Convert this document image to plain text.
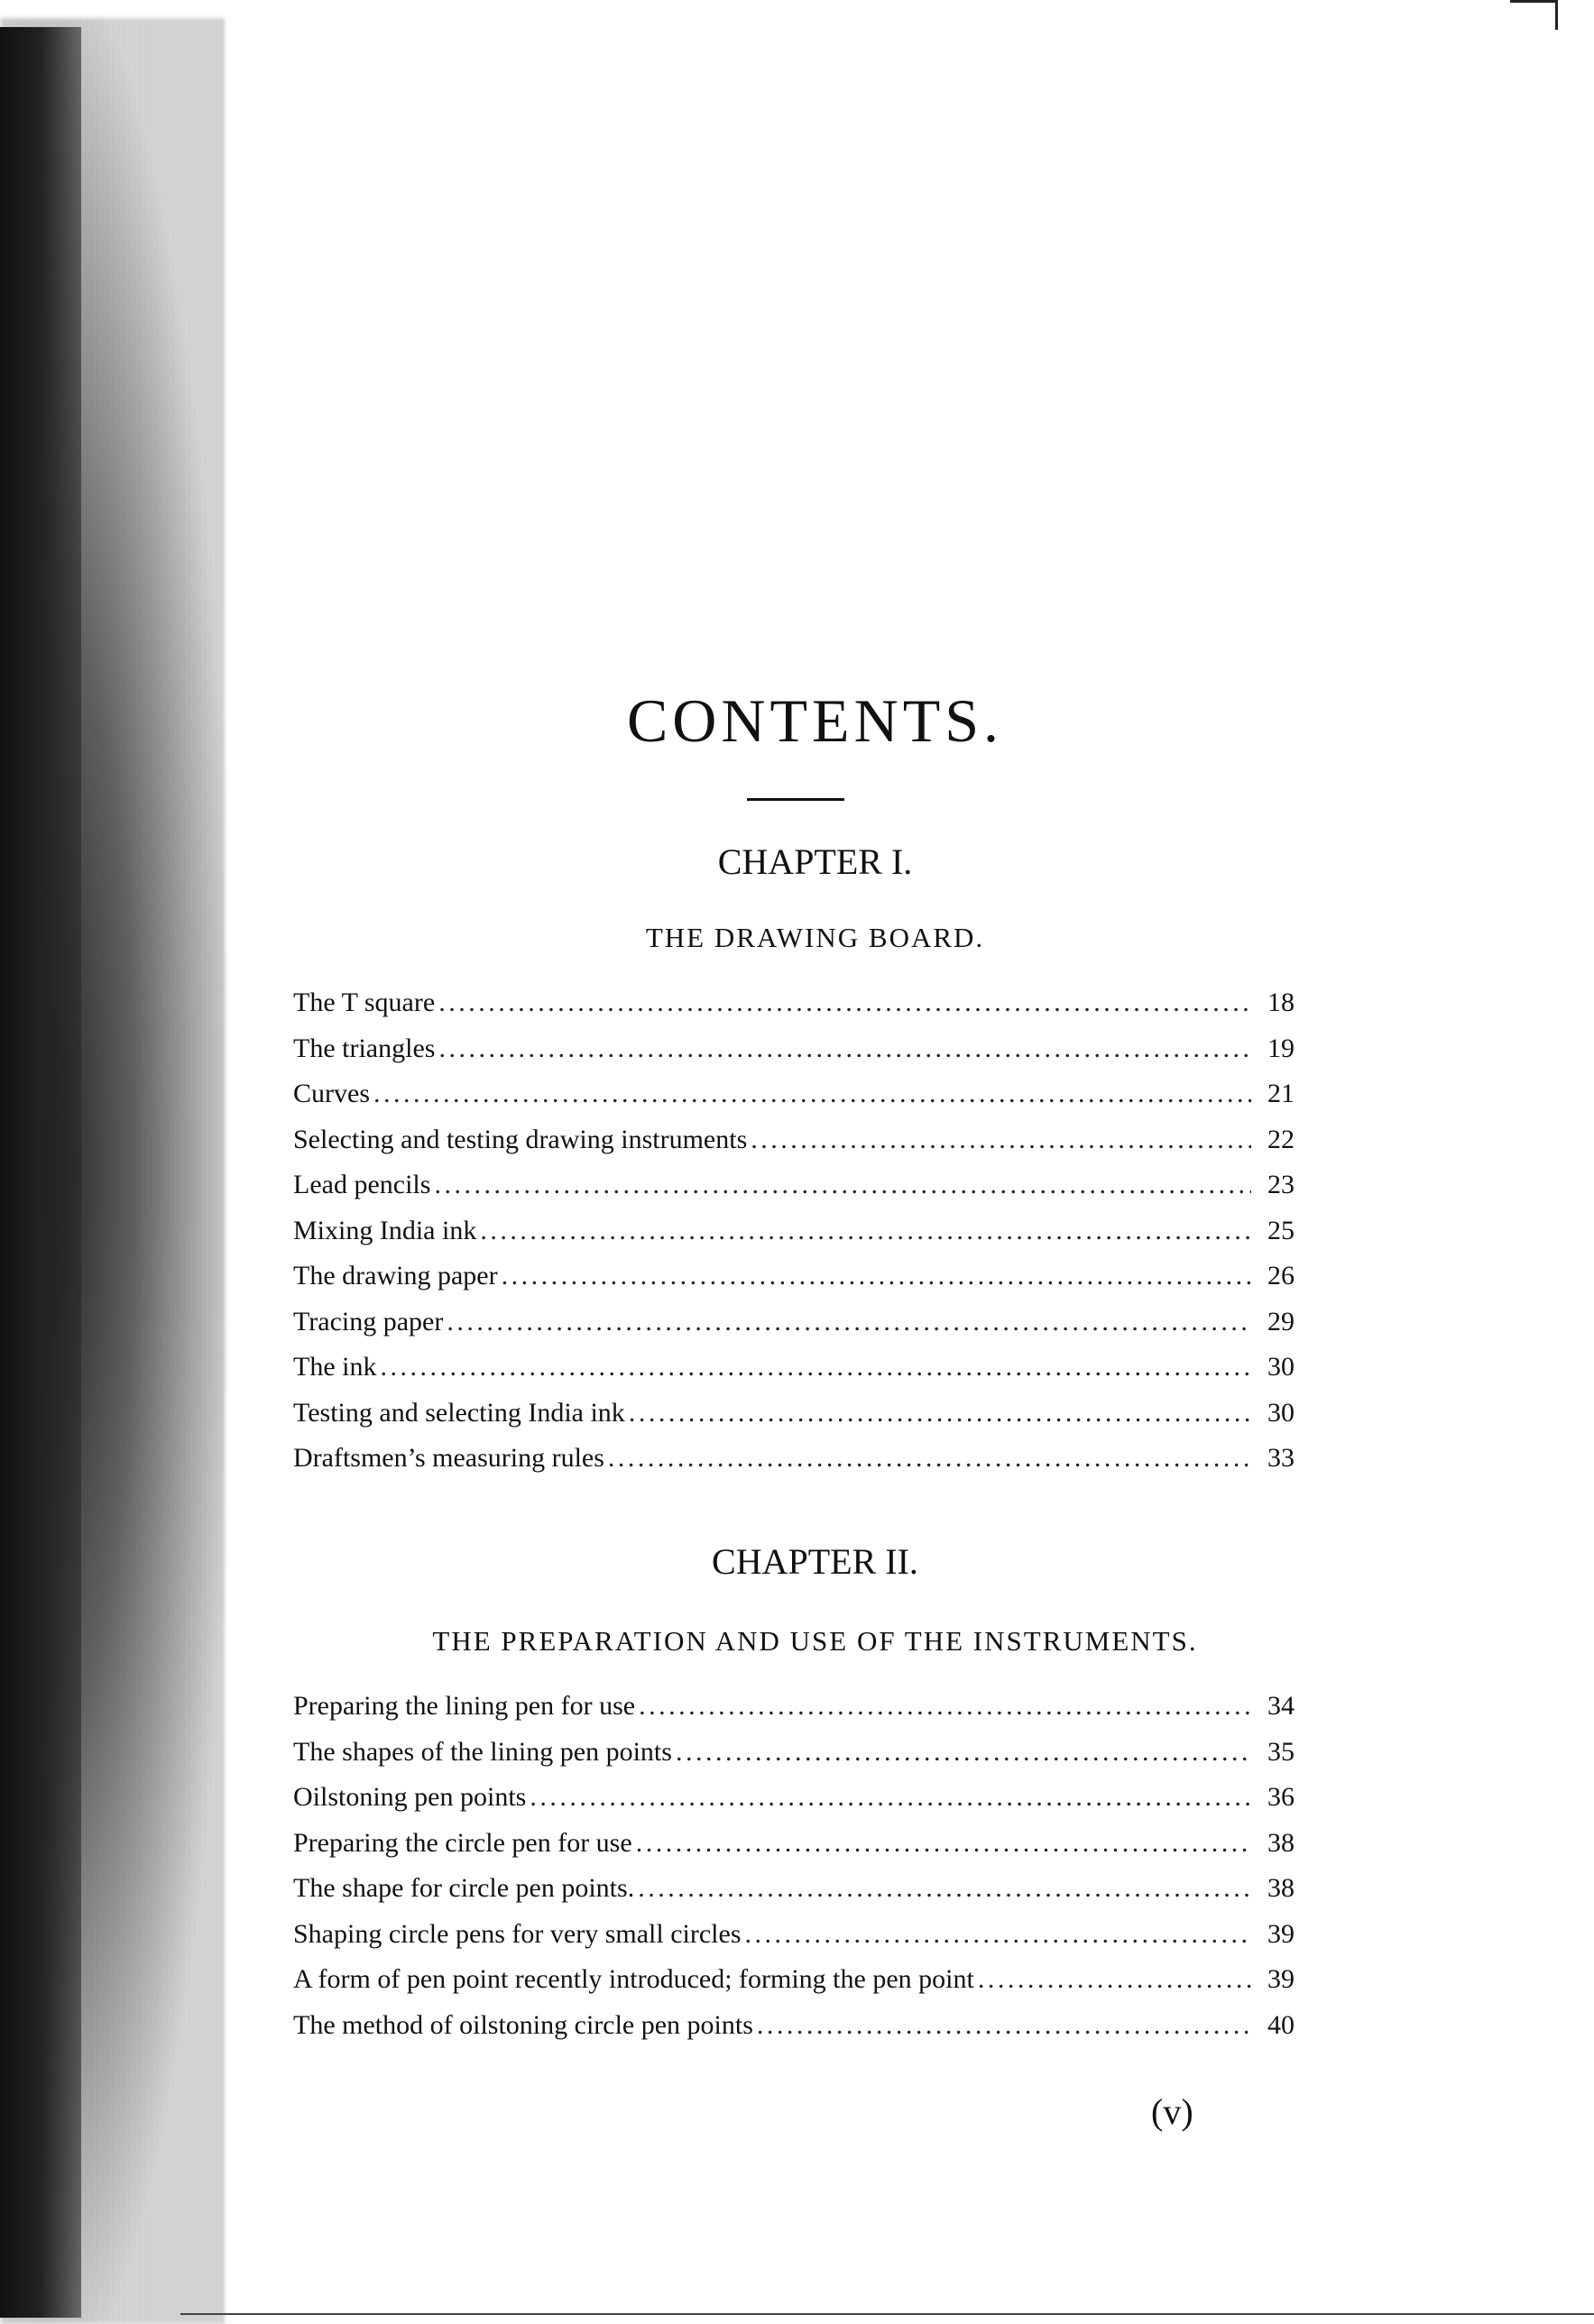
CONTENTS.
CHAPTER I.
THE DRAWING BOARD.
The T square . . .	18
The triangles . . .	19
Curves . . .	21
Selecting and testing drawing instruments . . .	22
Lead pencils . . .	23
Mixing India ink . . .	25
The drawing paper . . .	26
Tracing paper . . .	29
The ink . . .	30
Testing and selecting India ink . . .	30
Draftsmen’s measuring rules . . .	33
CHAPTER II.
THE PREPARATION AND USE OF THE INSTRUMENTS.
Preparing the lining pen for use . . .	34
The shapes of the lining pen points . . .	35
Oilstoning pen points . . .	36
Preparing the circle pen for use . . .	38
The shape for circle pen points. . . .	38
Shaping circle pens for very small circles . . .	39
A form of pen point recently introduced; forming the pen point . . .	39
The method of oilstoning circle pen points . . .	40
(v)
